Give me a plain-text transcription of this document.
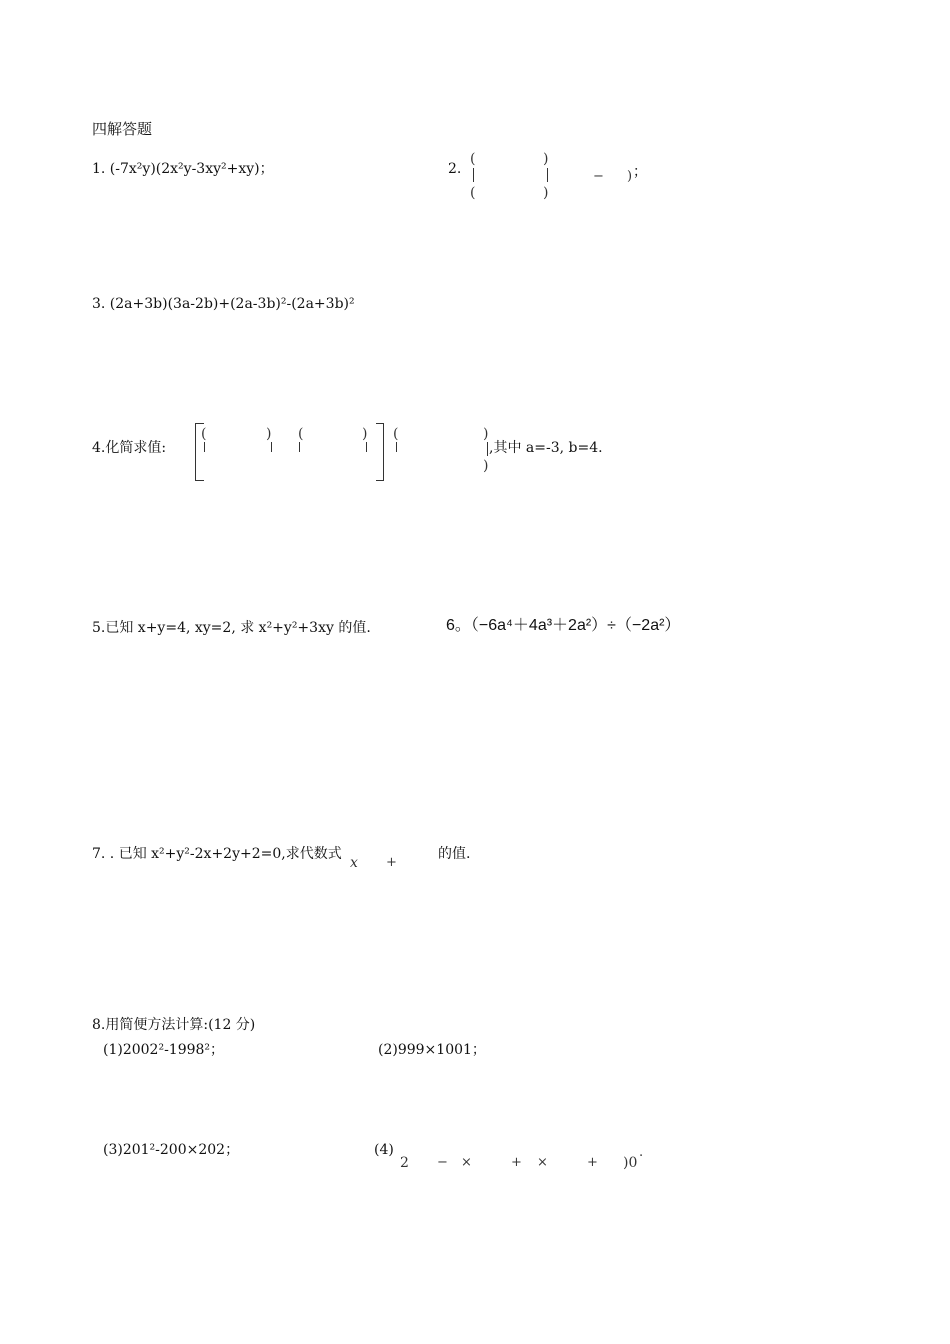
四解答题
1. (-7x²y)(2x²y-3xy²+xy)；	2.
(
(
)
)
− ) ；
3. (2a+3b)(3a-2b)+(2a-3b)²-(2a+3b)²
4.化简求值:
(	) (	) (	)
)
,其中 a=-3, b=4.
5.已知 x+y=4, xy=2, 求 x²+y²+3xy 的值.	6。（−6a⁴＋4a³＋2a²）÷（−2a²）
7. . 已知 x²+y²-2x+2y+2=0,求代数式
x +
的值.
8.用简便方法计算:(12 分)
(1)2002²-1998²；	(2)999×1001；
(3)201²-200×202；	(4)
2 − ×	+ ×	+ )0
.
